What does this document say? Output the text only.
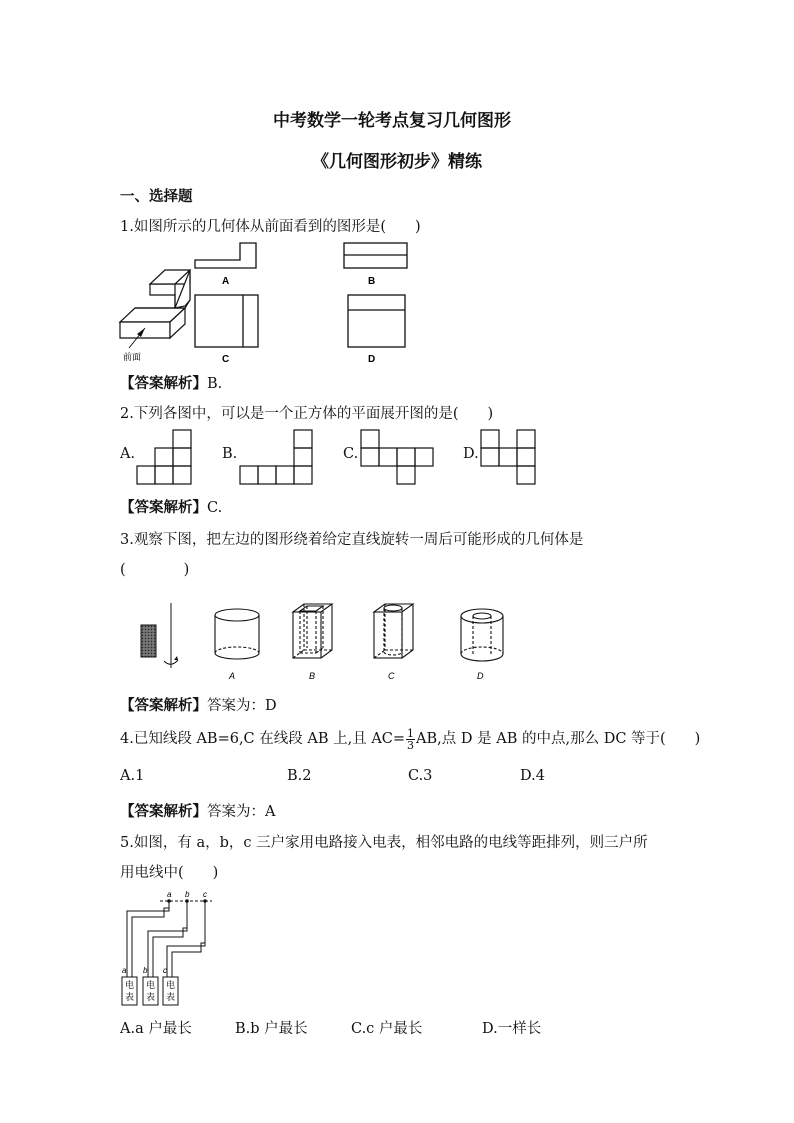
中考数学一轮考点复习几何图形
《几何图形初步》精练
一、选择题
1.如图所示的几何体从前面看到的图形是(　　)
前面
A	B
C	D
【答案解析】B.
2.下列各图中，可以是一个正方体的平面展开图的是(　　)
A.	B.	C.	D.
【答案解析】C.
3.观察下图，把左边的图形绕着给定直线旋转一周后可能形成的几何体是
(　　　　)
A	B	C	D
【答案解析】答案为：D
4.已知线段 AB=6,C 在线段 AB 上,且 $AC= \frac{1}{3}$ AB,点 D 是 AB 的中点,那么 DC 等于(　　)
A.1	B.2	C.3	D.4
【答案解析】答案为：A
5.如图，有 a，b，c 三户家用电路接入电表，相邻电路的电线等距排列，则三户所
用电线中(　　)
a b c
a b c
电
表
电
表
电
表
A.a 户最长	B.b 户最长	C.c 户最长	D.一样长
